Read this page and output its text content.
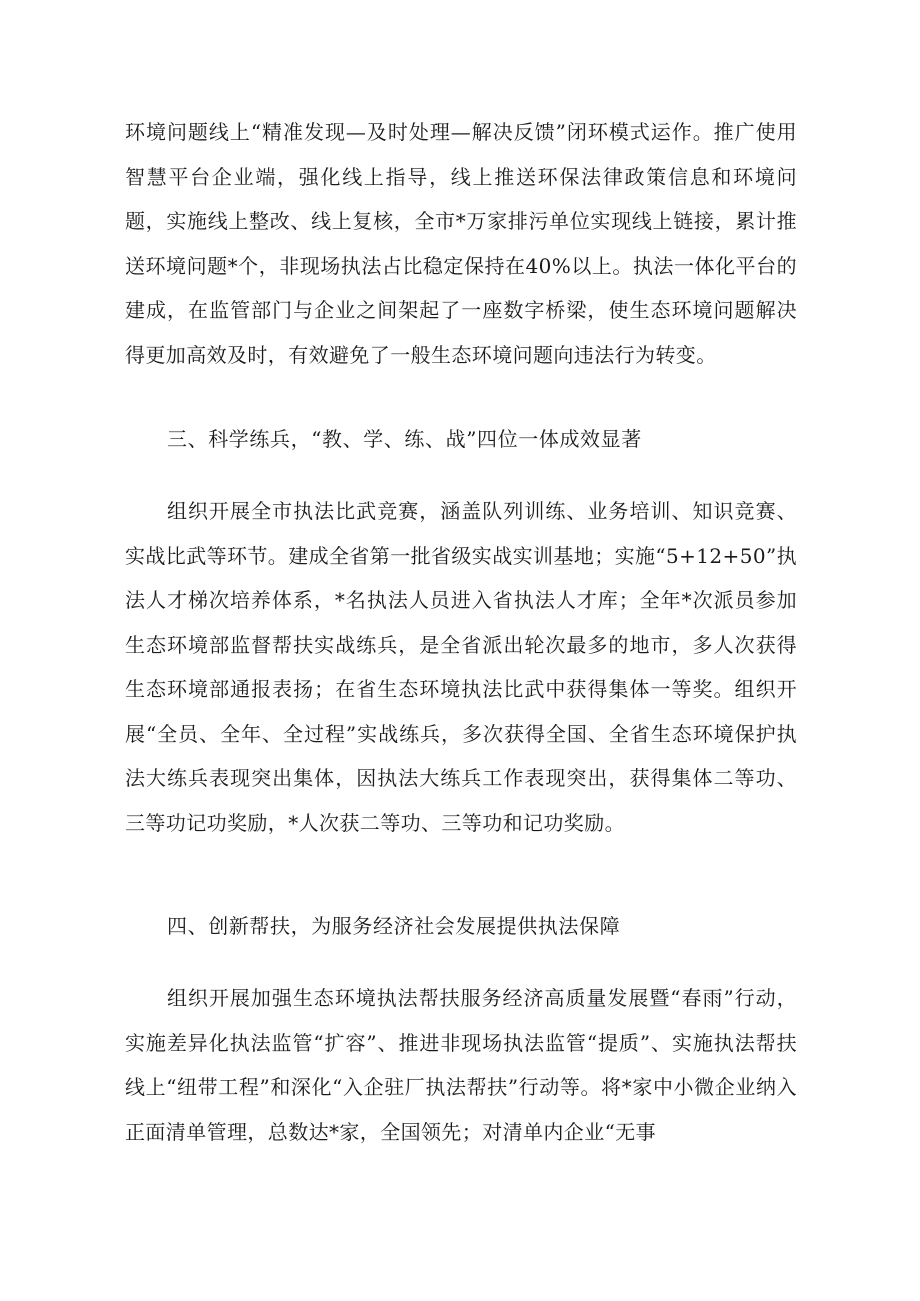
环境问题线上“精准发现—及时处理—解决反馈”闭环模式运作。推广使用智慧平台企业端，强化线上指导，线上推送环保法律政策信息和环境问题，实施线上整改、线上复核，全市*万家排污单位实现线上链接，累计推送环境问题*个，非现场执法占比稳定保持在40%以上。执法一体化平台的建成，在监管部门与企业之间架起了一座数字桥梁，使生态环境问题解决得更加高效及时，有效避免了一般生态环境问题向违法行为转变。

三、科学练兵，“教、学、练、战”四位一体成效显著

组织开展全市执法比武竞赛，涵盖队列训练、业务培训、知识竞赛、实战比武等环节。建成全省第一批省级实战实训基地；实施“5+12+50”执法人才梯次培养体系，*名执法人员进入省执法人才库；全年*次派员参加生态环境部监督帮扶实战练兵，是全省派出轮次最多的地市，多人次获得生态环境部通报表扬；在省生态环境执法比武中获得集体一等奖。组织开展“全员、全年、全过程”实战练兵，多次获得全国、全省生态环境保护执法大练兵表现突出集体，因执法大练兵工作表现突出，获得集体二等功、三等功记功奖励，*人次获二等功、三等功和记功奖励。

四、创新帮扶，为服务经济社会发展提供执法保障

组织开展加强生态环境执法帮扶服务经济高质量发展暨“春雨”行动，实施差异化执法监管“扩容”、推进非现场执法监管“提质”、实施执法帮扶线上“纽带工程”和深化“入企驻厂执法帮扶”行动等。将*家中小微企业纳入正面清单管理，总数达*家，全国领先；对清单内企业“无事
